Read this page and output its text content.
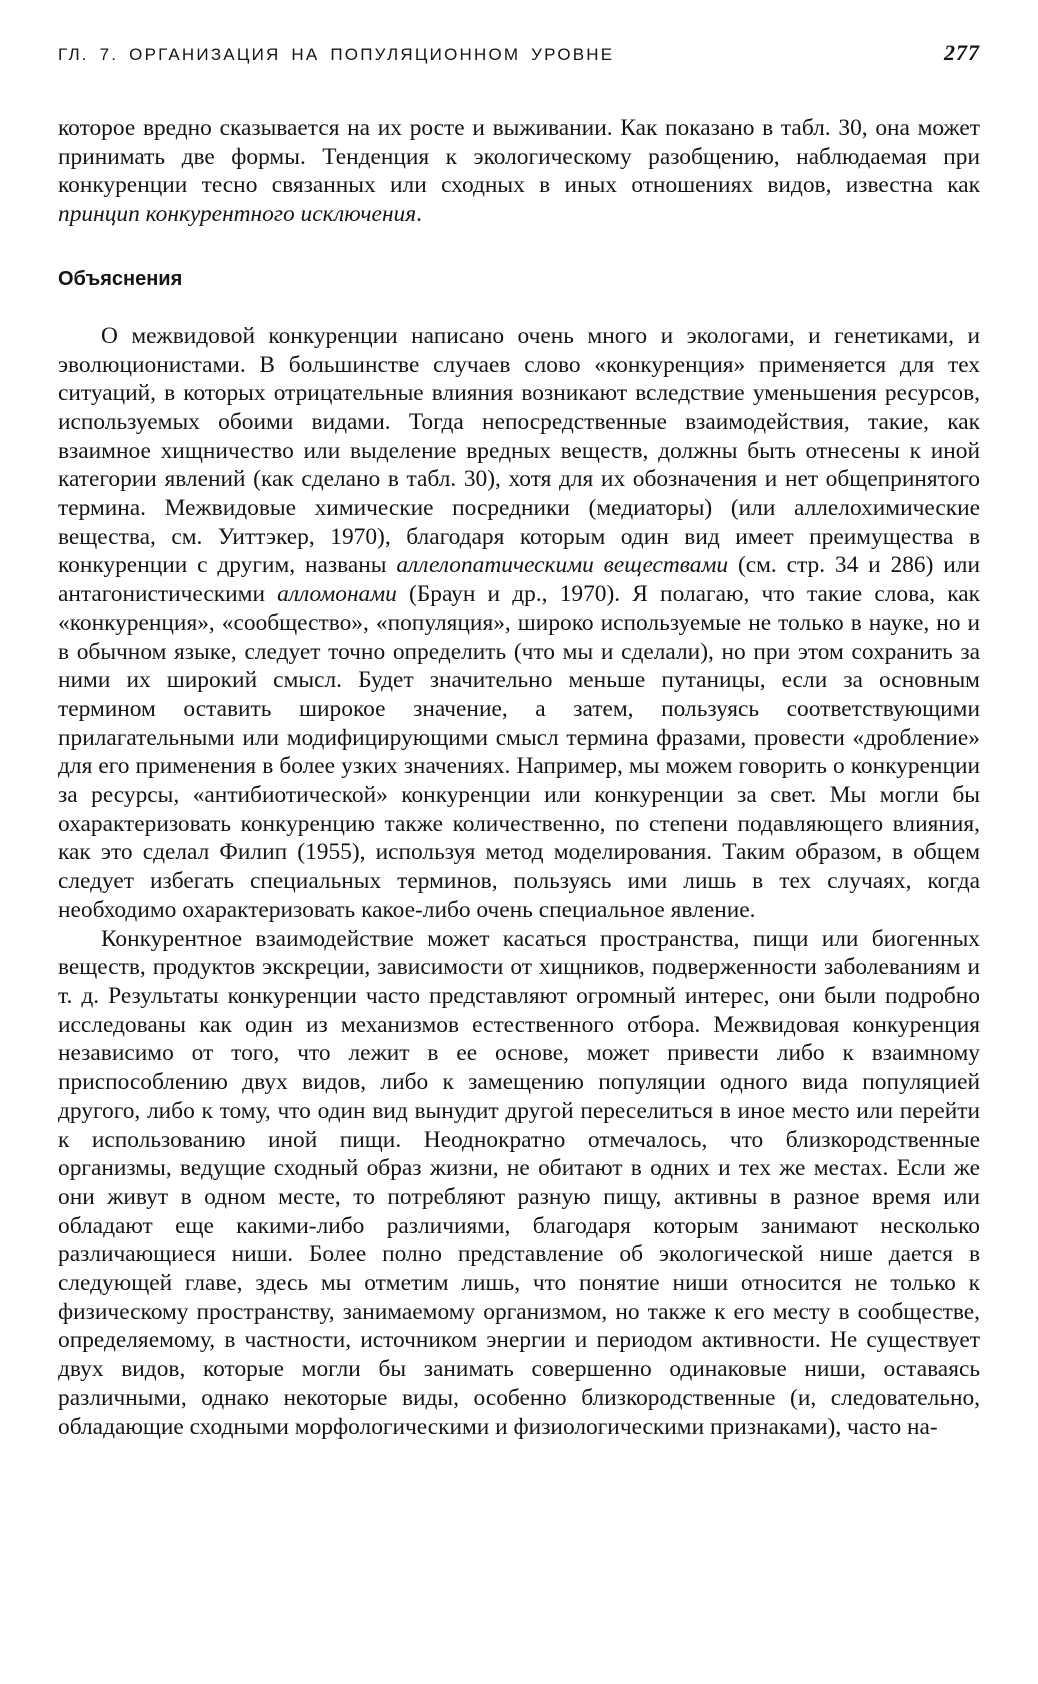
ГЛ. 7. ОРГАНИЗАЦИЯ НА ПОПУЛЯЦИОННОМ УРОВНЕ	277

которое вредно сказывается на их росте и выживании. Как показано в табл. 30, она может принимать две формы. Тенденция к экологическому разобщению, наблюдаемая при конкуренции тесно связанных или сходных в иных отношениях видов, известна как принцип конкурентного исключения.

Объяснения

О межвидовой конкуренции написано очень много и экологами, и генетиками, и эволюционистами. В большинстве случаев слово «конкуренция» применяется для тех ситуаций, в которых отрицательные влияния возникают вследствие уменьшения ресурсов, используемых обоими видами. Тогда непосредственные взаимодействия, такие, как взаимное хищничество или выделение вредных веществ, должны быть отнесены к иной категории явлений (как сделано в табл. 30), хотя для их обозначения и нет общепринятого термина. Межвидовые химические посредники (медиаторы) (или аллелохимические вещества, см. Уиттэкер, 1970), благодаря которым один вид имеет преимущества в конкуренции с другим, названы аллелопатическими веществами (см. стр. 34 и 286) или антагонистическими алломонами (Браун и др., 1970). Я полагаю, что такие слова, как «конкуренция», «сообщество», «популяция», широко используемые не только в науке, но и в обычном языке, следует точно определить (что мы и сделали), но при этом сохранить за ними их широкий смысл. Будет значительно меньше путаницы, если за основным термином оставить широкое значение, а затем, пользуясь соответствующими прилагательными или модифицирующими смысл термина фразами, провести «дробление» для его применения в более узких значениях. Например, мы можем говорить о конкуренции за ресурсы, «антибиотической» конкуренции или конкуренции за свет. Мы могли бы охарактеризовать конкуренцию также количественно, по степени подавляющего влияния, как это сделал Филип (1955), используя метод моделирования. Таким образом, в общем следует избегать специальных терминов, пользуясь ими лишь в тех случаях, когда необходимо охарактеризовать какое-либо очень специальное явление.

Конкурентное взаимодействие может касаться пространства, пищи или биогенных веществ, продуктов экскреции, зависимости от хищников, подверженности заболеваниям и т. д. Результаты конкуренции часто представляют огромный интерес, они были подробно исследованы как один из механизмов естественного отбора. Межвидовая конкуренция независимо от того, что лежит в ее основе, может привести либо к взаимному приспособлению двух видов, либо к замещению популяции одного вида популяцией другого, либо к тому, что один вид вынудит другой переселиться в иное место или перейти к использованию иной пищи. Неоднократно отмечалось, что близкородственные организмы, ведущие сходный образ жизни, не обитают в одних и тех же местах. Если же они живут в одном месте, то потребляют разную пищу, активны в разное время или обладают еще какими-либо различиями, благодаря которым занимают несколько различающиеся ниши. Более полно представление об экологической нише дается в следующей главе, здесь мы отметим лишь, что понятие ниши относится не только к физическому пространству, занимаемому организмом, но также к его месту в сообществе, определяемому, в частности, источником энергии и периодом активности. Не существует двух видов, которые могли бы занимать совершенно одинаковые ниши, оставаясь различными, однако некоторые виды, особенно близкородственные (и, следовательно, обладающие сходными морфологическими и физиологическими признаками), часто на-
